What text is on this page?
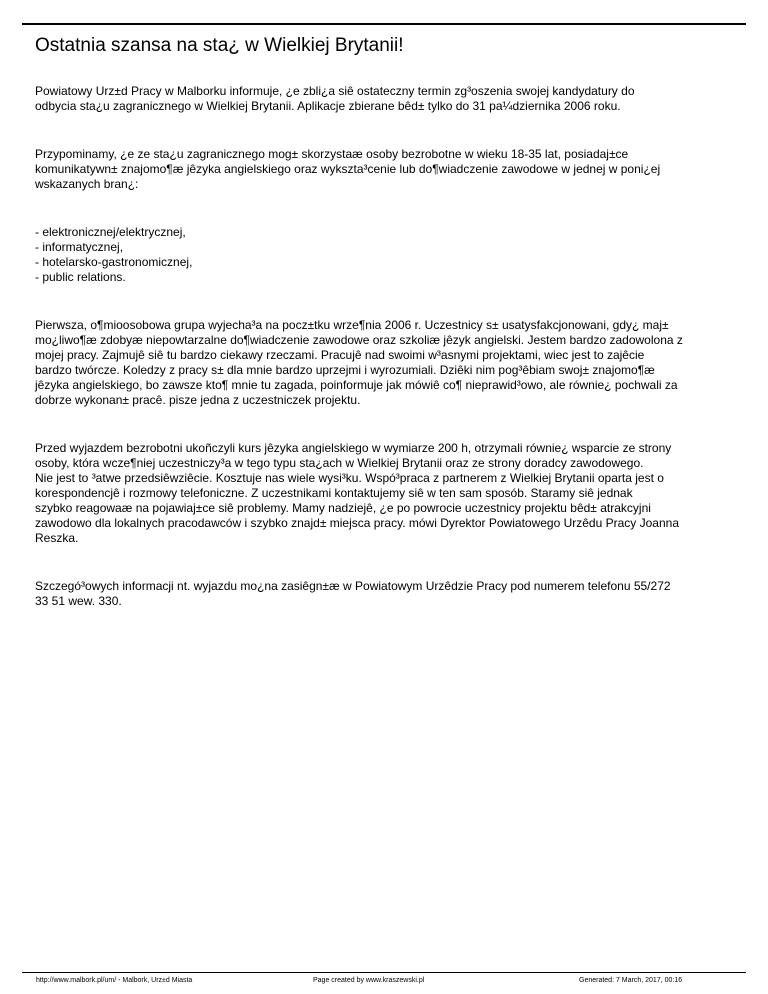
Ostatnia szansa na sta¿ w Wielkiej Brytanii!

Powiatowy Urz±d Pracy w Malborku informuje, ¿e zbli¿a siê ostateczny termin zg³oszenia swojej kandydatury do
odbycia sta¿u zagranicznego w Wielkiej Brytanii. Aplikacje zbierane bêd± tylko do 31 pa¼dziernika 2006 roku.

Przypominamy, ¿e ze sta¿u zagranicznego mog± skorzystaæ osoby bezrobotne w wieku 18-35 lat, posiadaj±ce
komunikatywn± znajomo¶æ jêzyka angielskiego oraz wykszta³cenie lub do¶wiadczenie zawodowe w jednej w poni¿ej
wskazanych bran¿:

- elektronicznej/elektrycznej,
- informatycznej,
- hotelarsko-gastronomicznej,
- public relations.

Pierwsza, o¶mioosobowa grupa wyjecha³a na pocz±tku wrze¶nia 2006 r. Uczestnicy s± usatysfakcjonowani, gdy¿ maj±
mo¿liwo¶æ zdobyæ niepowtarzalne do¶wiadczenie zawodowe oraz szkoliæ jêzyk angielski. Jestem bardzo zadowolona z
mojej pracy. Zajmujê siê tu bardzo ciekawy rzeczami. Pracujê nad swoimi w³asnymi projektami, wiec jest to zajêcie
bardzo twórcze. Koledzy z pracy s± dla mnie bardzo uprzejmi i wyrozumiali. Dziêki nim pog³êbiam swoj± znajomo¶æ
jêzyka angielskiego, bo zawsze kto¶ mnie tu zagada, poinformuje jak mówiê co¶ nieprawid³owo, ale równie¿ pochwali za
dobrze wykonan± pracê. pisze jedna z uczestniczek projektu.

Przed wyjazdem bezrobotni ukoñczyli kurs jêzyka angielskiego w wymiarze 200 h, otrzymali równie¿ wsparcie ze strony
osoby, która wcze¶niej uczestniczy³a w tego typu sta¿ach w Wielkiej Brytanii oraz ze strony doradcy zawodowego.
Nie jest to ³atwe przedsiêwziêcie. Kosztuje nas wiele wysi³ku. Wspó³praca z partnerem z Wielkiej Brytanii oparta jest o
korespondencjê i rozmowy telefoniczne. Z uczestnikami kontaktujemy siê w ten sam sposób. Staramy siê jednak
szybko reagowaæ na pojawiaj±ce siê problemy. Mamy nadziejê, ¿e po powrocie uczestnicy projektu bêd± atrakcyjni
zawodowo dla lokalnych pracodawców i szybko znajd± miejsca pracy. mówi Dyrektor Powiatowego Urzêdu Pracy Joanna
Reszka.

Szczegó³owych informacji nt. wyjazdu mo¿na zasiêgn±æ w Powiatowym Urzêdzie Pracy pod numerem telefonu 55/272
33 51 wew. 330.

http://www.malbork.pl/um/ - Malbork, Urz±d Miasta	Page created by www.kraszewski.pl	Generated: 7 March, 2017, 00:16
